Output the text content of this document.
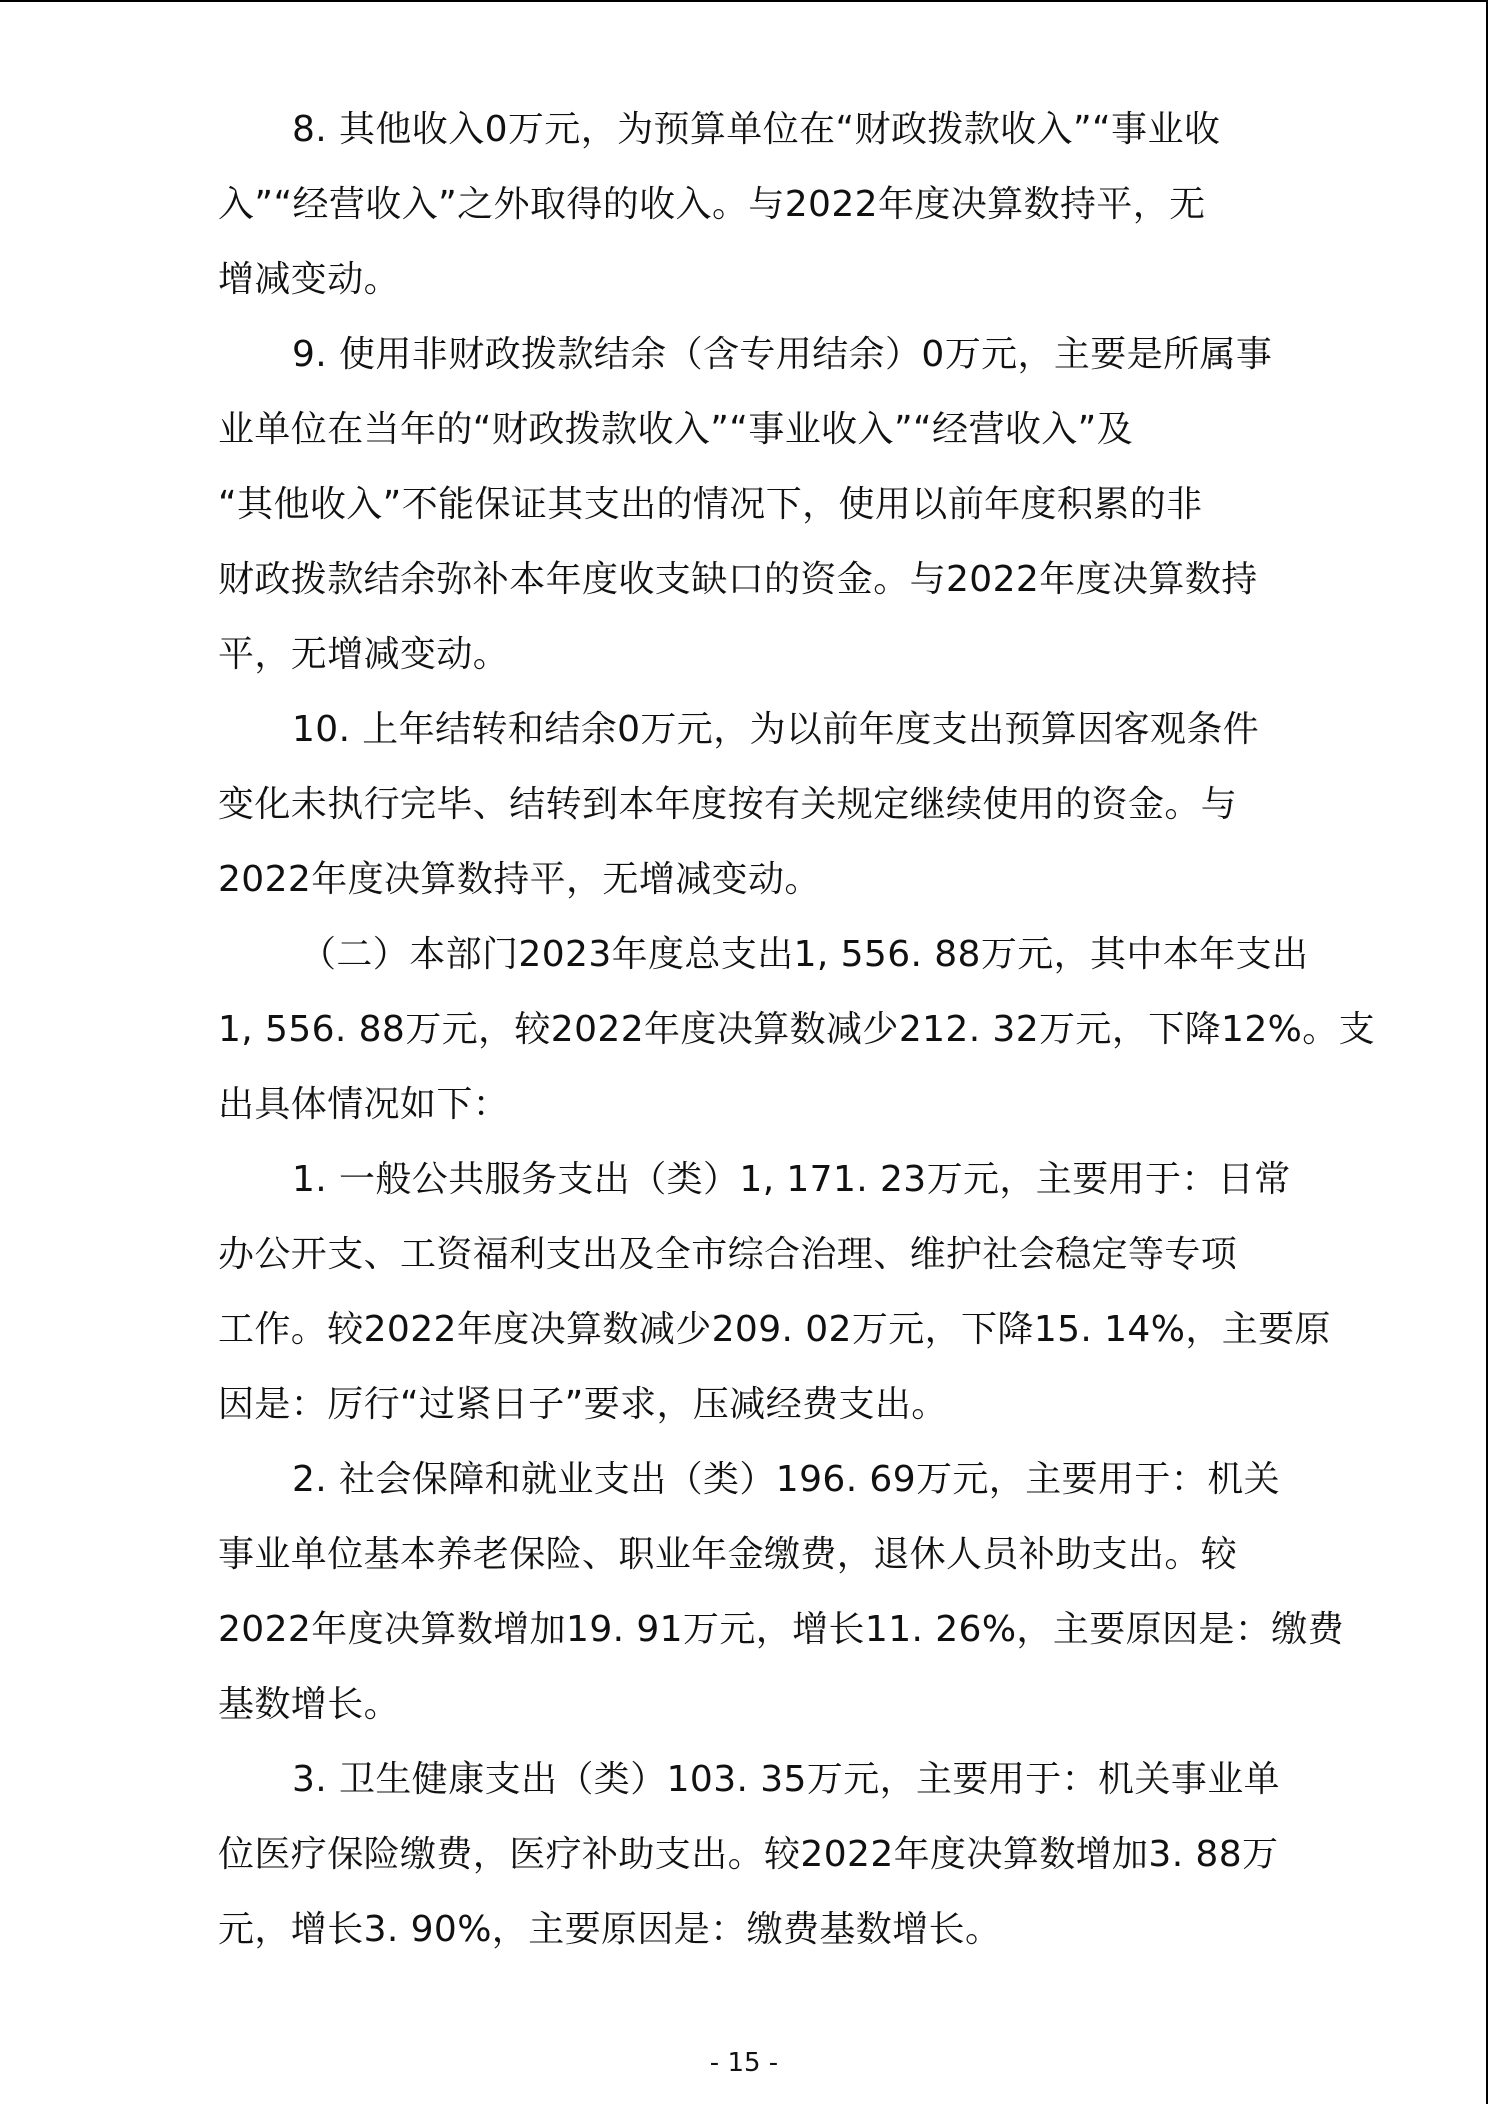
8. 其他收入0万元，为预算单位在“财政拨款收入”“事业收
入”“经营收入”之外取得的收入。与2022年度决算数持平，无
增减变动。
9. 使用非财政拨款结余（含专用结余）0万元，主要是所属事
业单位在当年的“财政拨款收入”“事业收入”“经营收入”及
“其他收入”不能保证其支出的情况下，使用以前年度积累的非
财政拨款结余弥补本年度收支缺口的资金。与2022年度决算数持
平，无增减变动。
10. 上年结转和结余0万元，为以前年度支出预算因客观条件
变化未执行完毕、结转到本年度按有关规定继续使用的资金。与
2022年度决算数持平，无增减变动。
（二）本部门2023年度总支出1, 556. 88万元，其中本年支出
1, 556. 88万元，较2022年度决算数减少212. 32万元，下降12%。支
出具体情况如下：
1. 一般公共服务支出（类）1, 171. 23万元，主要用于：日常
办公开支、工资福利支出及全市综合治理、维护社会稳定等专项
工作。较2022年度决算数减少209. 02万元，下降15. 14%，主要原
因是：厉行“过紧日子”要求，压减经费支出。
2. 社会保障和就业支出（类）196. 69万元，主要用于：机关
事业单位基本养老保险、职业年金缴费，退休人员补助支出。较
2022年度决算数增加19. 91万元，增长11. 26%，主要原因是：缴费
基数增长。
3. 卫生健康支出（类）103. 35万元，主要用于：机关事业单
位医疗保险缴费，医疗补助支出。较2022年度决算数增加3. 88万
元，增长3. 90%，主要原因是：缴费基数增长。
- 15 -
